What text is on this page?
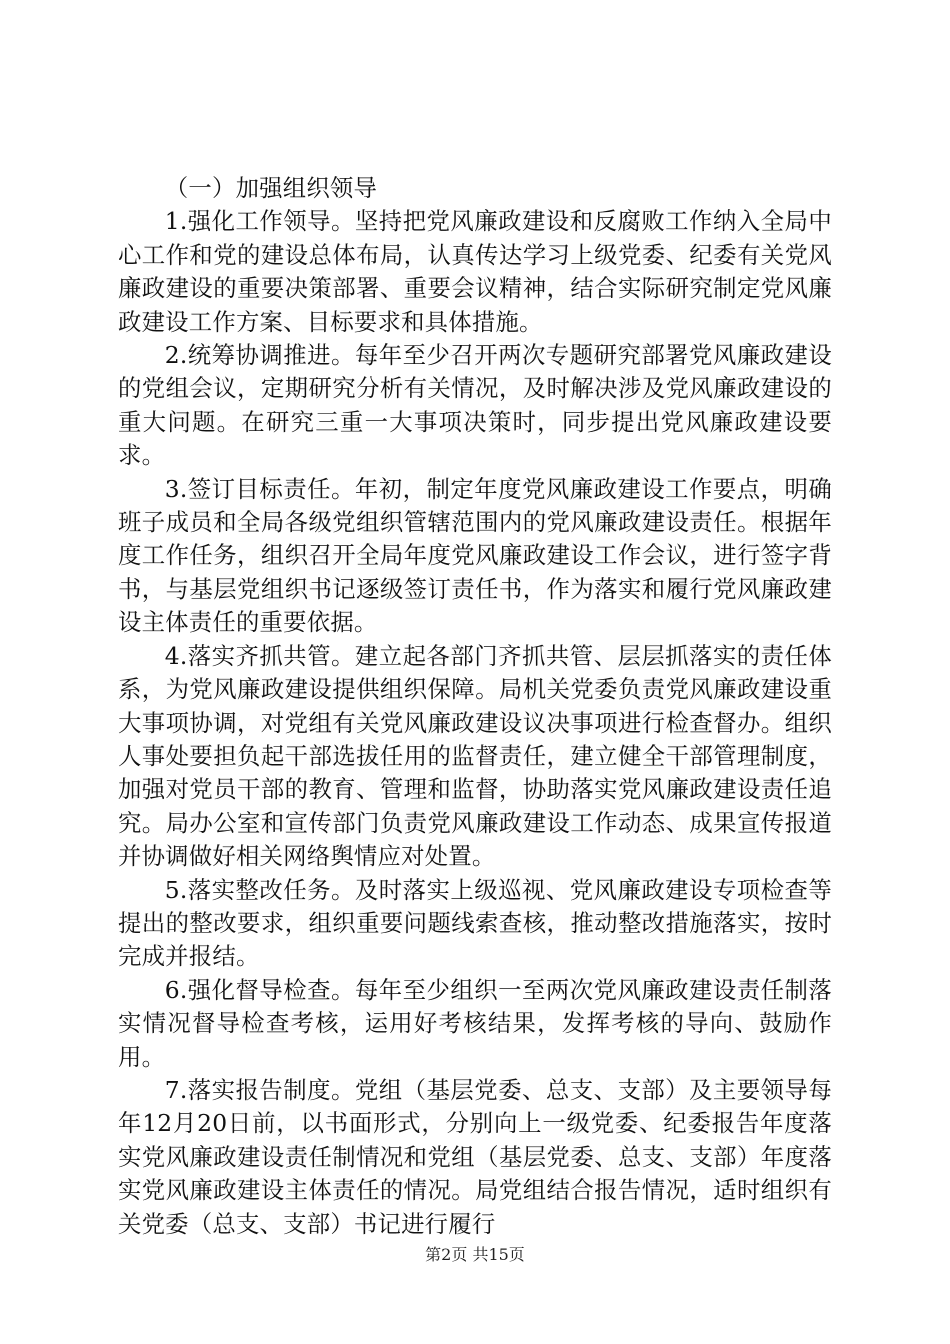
（一）加强组织领导

1.强化工作领导。坚持把党风廉政建设和反腐败工作纳入全局中心工作和党的建设总体布局，认真传达学习上级党委、纪委有关党风廉政建设的重要决策部署、重要会议精神，结合实际研究制定党风廉政建设工作方案、目标要求和具体措施。

2.统筹协调推进。每年至少召开两次专题研究部署党风廉政建设的党组会议，定期研究分析有关情况，及时解决涉及党风廉政建设的重大问题。在研究三重一大事项决策时，同步提出党风廉政建设要求。

3.签订目标责任。年初，制定年度党风廉政建设工作要点，明确班子成员和全局各级党组织管辖范围内的党风廉政建设责任。根据年度工作任务，组织召开全局年度党风廉政建设工作会议，进行签字背书，与基层党组织书记逐级签订责任书，作为落实和履行党风廉政建设主体责任的重要依据。

4.落实齐抓共管。建立起各部门齐抓共管、层层抓落实的责任体系，为党风廉政建设提供组织保障。局机关党委负责党风廉政建设重大事项协调，对党组有关党风廉政建设议决事项进行检查督办。组织人事处要担负起干部选拔任用的监督责任，建立健全干部管理制度，加强对党员干部的教育、管理和监督，协助落实党风廉政建设责任追究。局办公室和宣传部门负责党风廉政建设工作动态、成果宣传报道并协调做好相关网络舆情应对处置。

5.落实整改任务。及时落实上级巡视、党风廉政建设专项检查等提出的整改要求，组织重要问题线索查核，推动整改措施落实，按时完成并报结。

6.强化督导检查。每年至少组织一至两次党风廉政建设责任制落实情况督导检查考核，运用好考核结果，发挥考核的导向、鼓励作用。

7.落实报告制度。党组（基层党委、总支、支部）及主要领导每年12月20日前，以书面形式，分别向上一级党委、纪委报告年度落实党风廉政建设责任制情况和党组（基层党委、总支、支部）年度落实党风廉政建设主体责任的情况。局党组结合报告情况，适时组织有关党委（总支、支部）书记进行履行

第2页 共15页
